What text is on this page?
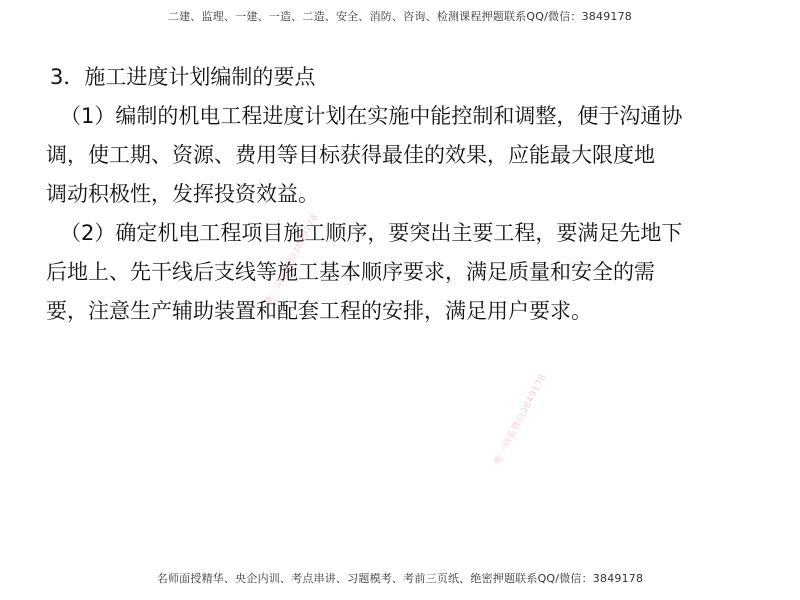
二建、监理、一建、一造、二造、安全、消防、咨询、检测课程押题联系QQ/微信：3849178
3．施工进度计划编制的要点
（1）编制的机电工程进度计划在实施中能控制和调整，便于沟通协
调，使工期、资源、费用等目标获得最佳的效果，应能最大限度地
调动积极性，发挥投资效益。
（2）确定机电工程项目施工顺序，要突出主要工程，要满足先地下
后地上、先干线后支线等施工基本顺序要求，满足质量和安全的需
要，注意生产辅助装置和配套工程的安排，满足用户要求。
唯一联系微信3849178
唯一联系微信3849178
名师面授精华、央企内训、考点串讲、习题模考、考前三页纸、绝密押题联系QQ/微信：3849178
